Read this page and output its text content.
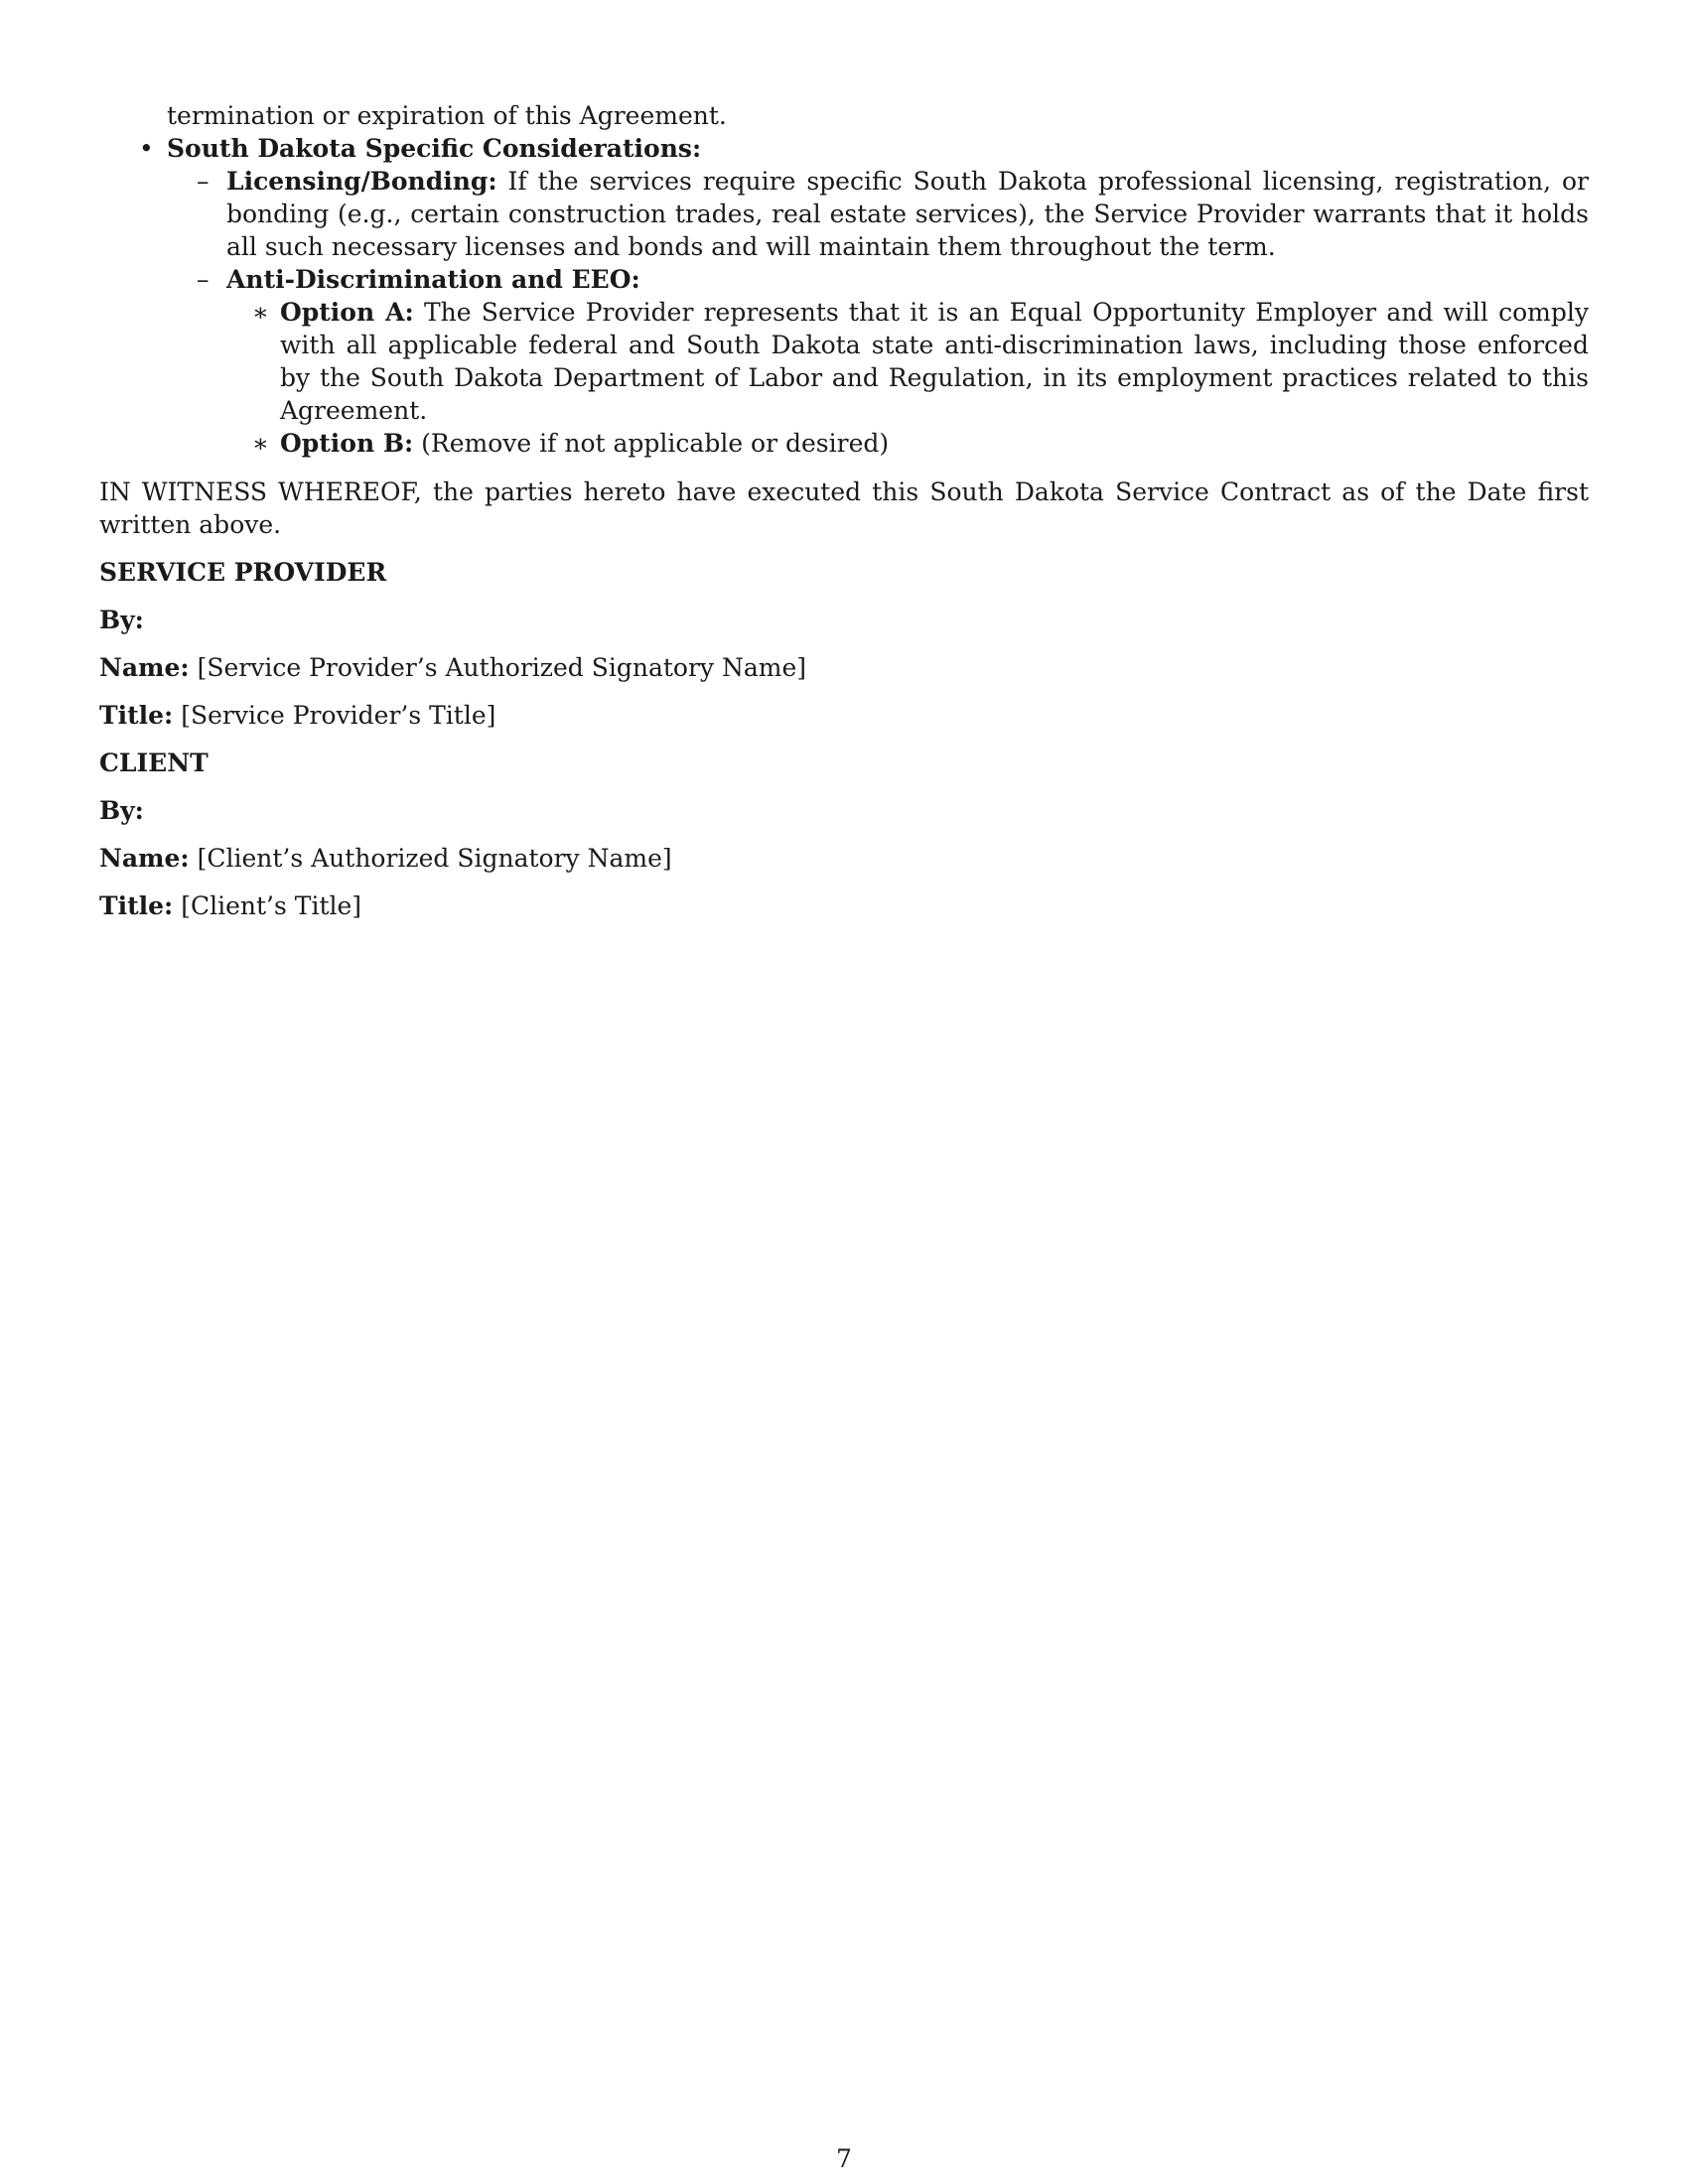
termination or expiration of this Agreement.
• South Dakota Specific Considerations:
– Licensing/Bonding: If the services require specific South Dakota professional licensing, registration, or bonding (e.g., certain construction trades, real estate services), the Service Provider warrants that it holds all such necessary licenses and bonds and will maintain them throughout the term.
– Anti-Discrimination and EEO:
∗ Option A: The Service Provider represents that it is an Equal Opportunity Employer and will comply with all applicable federal and South Dakota state anti-discrimination laws, including those enforced by the South Dakota Department of Labor and Regulation, in its employment practices related to this Agreement.
∗ Option B: (Remove if not applicable or desired)
IN WITNESS WHEREOF, the parties hereto have executed this South Dakota Service Contract as of the Date first written above.
SERVICE PROVIDER
By:
Name: [Service Provider’s Authorized Signatory Name]
Title: [Service Provider’s Title]
CLIENT
By:
Name: [Client’s Authorized Signatory Name]
Title: [Client’s Title]
7
